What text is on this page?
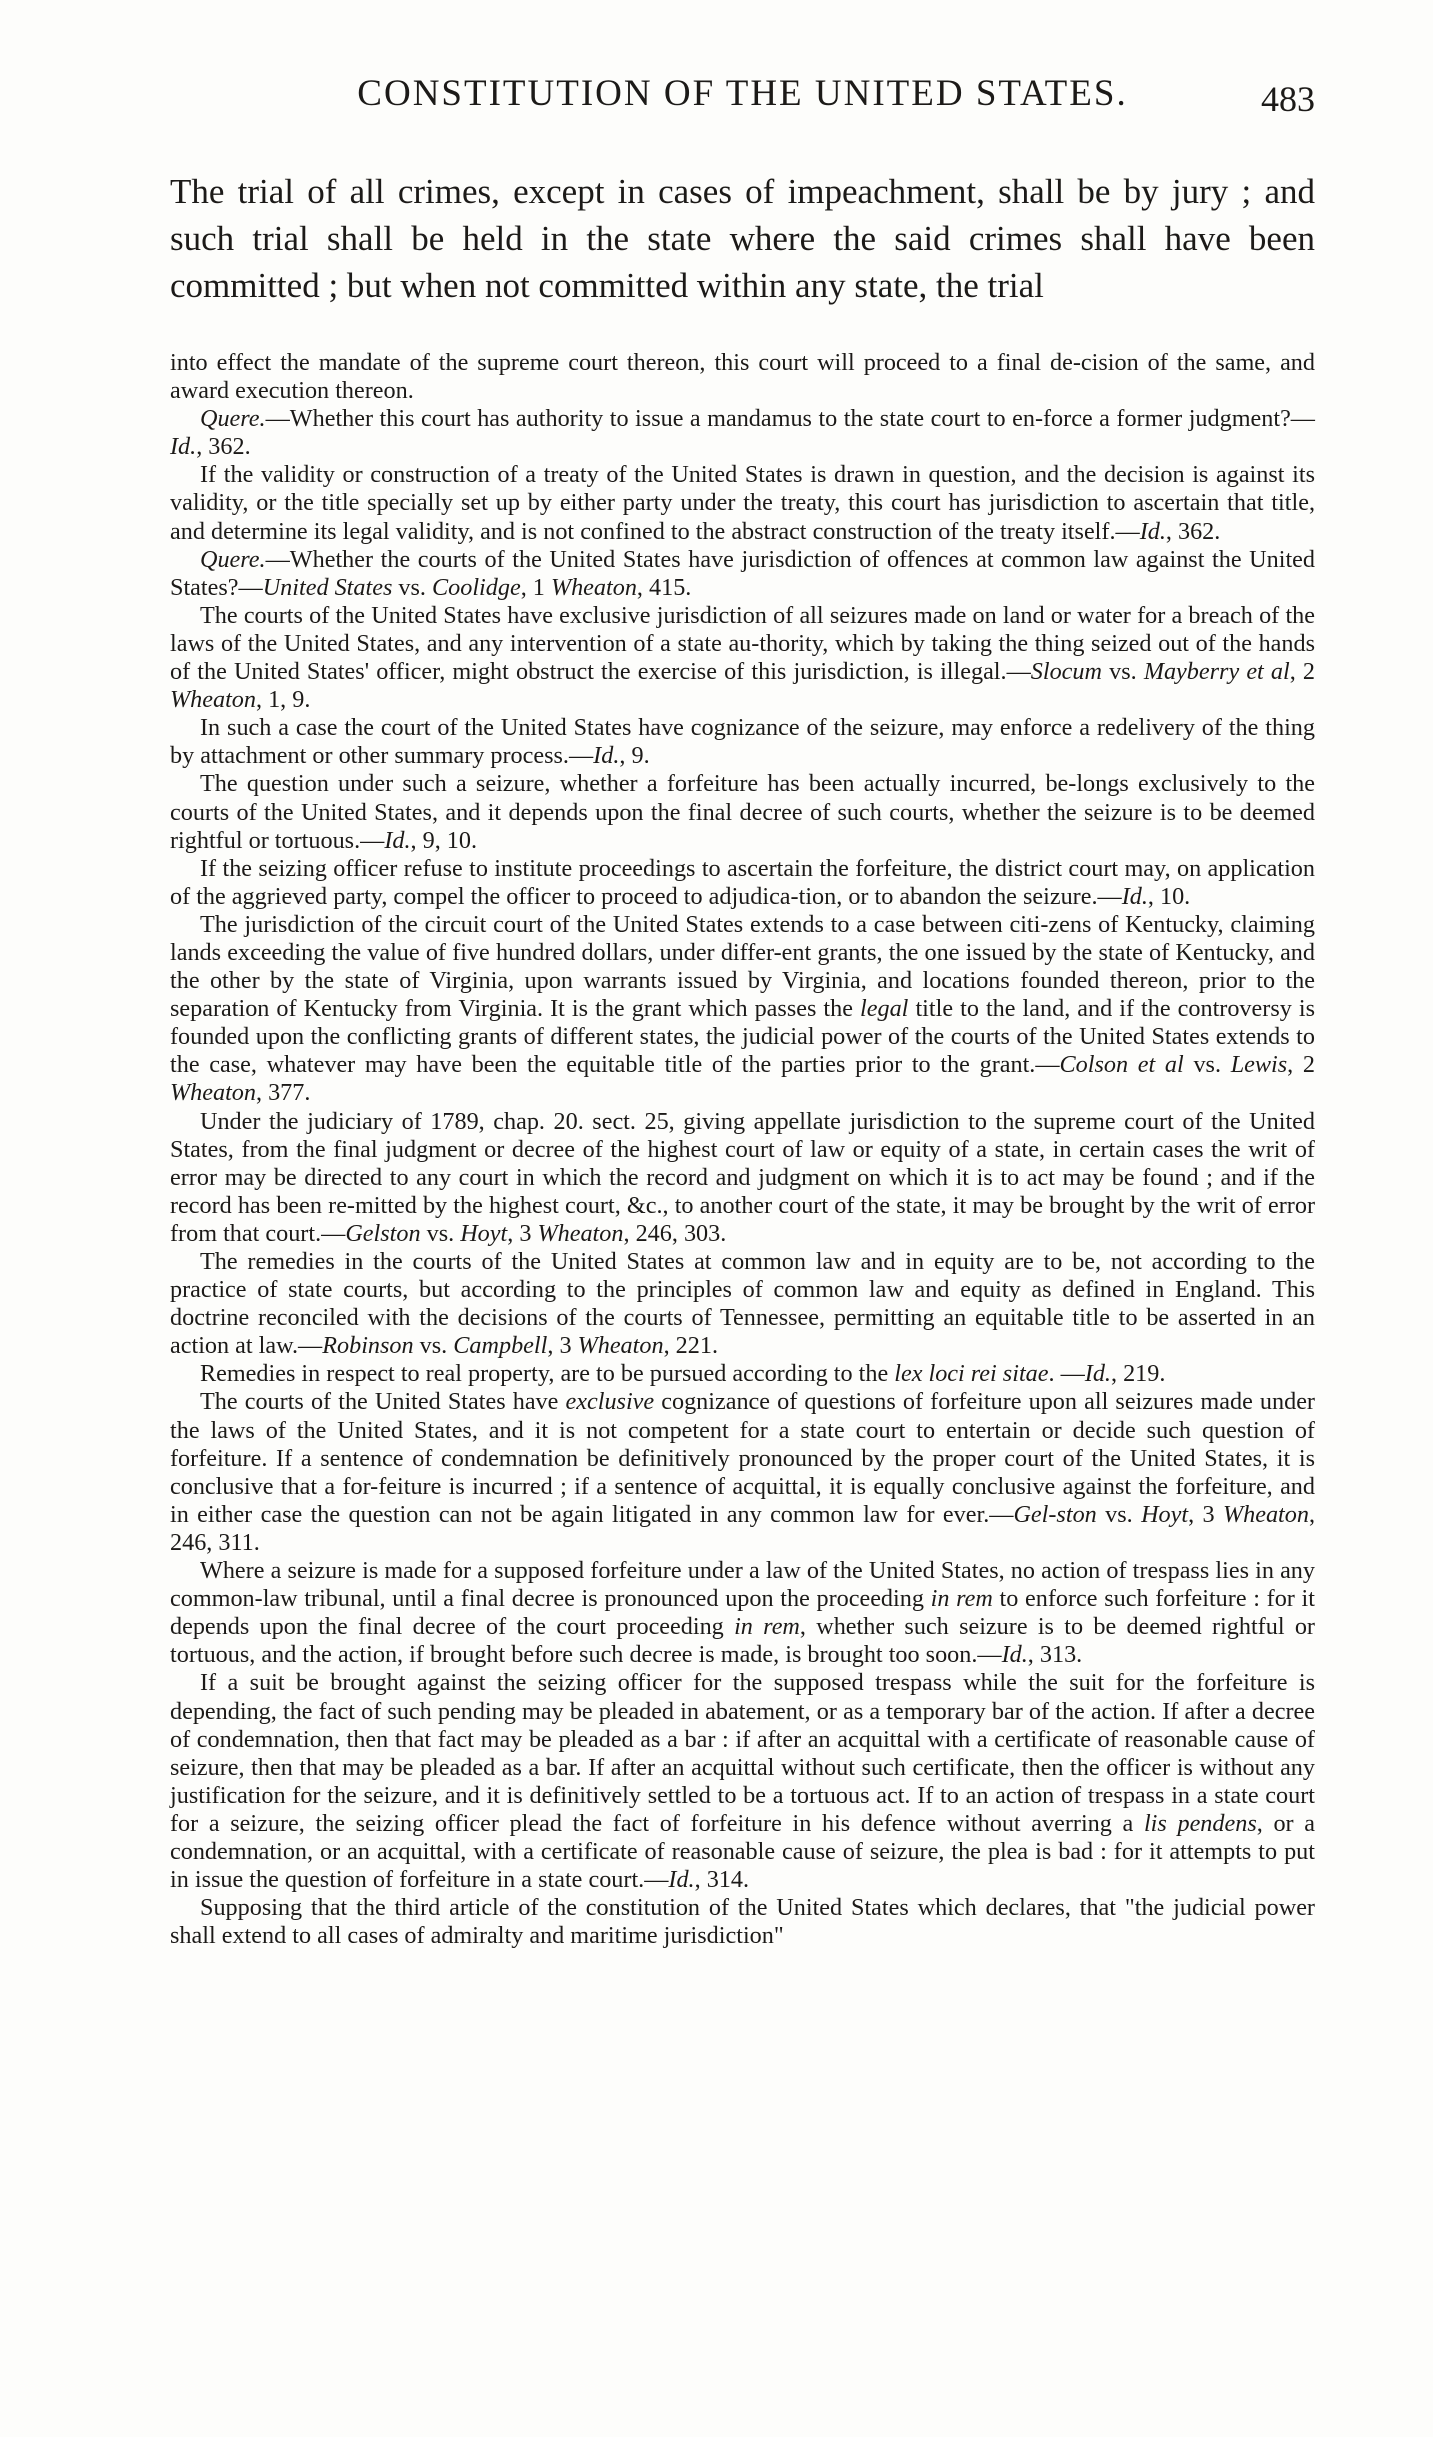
CONSTITUTION OF THE UNITED STATES.	483
The trial of all crimes, except in cases of impeachment, shall be by jury ; and such trial shall be held in the state where the said crimes shall have been committed ; but when not committed within any state, the trial

into effect the mandate of the supreme court thereon, this court will proceed to a final de-cision of the same, and award execution thereon.

Quere.—Whether this court has authority to issue a mandamus to the state court to en-force a former judgment?—Id., 362.

If the validity or construction of a treaty of the United States is drawn in question, and the decision is against its validity, or the title specially set up by either party under the treaty, this court has jurisdiction to ascertain that title, and determine its legal validity, and is not confined to the abstract construction of the treaty itself.—Id., 362.

Quere.—Whether the courts of the United States have jurisdiction of offences at common law against the United States?—United States vs. Coolidge, 1 Wheaton, 415.

The courts of the United States have exclusive jurisdiction of all seizures made on land or water for a breach of the laws of the United States, and any intervention of a state au-thority, which by taking the thing seized out of the hands of the United States' officer, might obstruct the exercise of this jurisdiction, is illegal.—Slocum vs. Mayberry et al, 2 Wheaton, 1, 9.

In such a case the court of the United States have cognizance of the seizure, may enforce a redelivery of the thing by attachment or other summary process.—Id., 9.

The question under such a seizure, whether a forfeiture has been actually incurred, be-longs exclusively to the courts of the United States, and it depends upon the final decree of such courts, whether the seizure is to be deemed rightful or tortuous.—Id., 9, 10.

If the seizing officer refuse to institute proceedings to ascertain the forfeiture, the district court may, on application of the aggrieved party, compel the officer to proceed to adjudica-tion, or to abandon the seizure.—Id., 10.

The jurisdiction of the circuit court of the United States extends to a case between citi-zens of Kentucky, claiming lands exceeding the value of five hundred dollars, under differ-ent grants, the one issued by the state of Kentucky, and the other by the state of Virginia, upon warrants issued by Virginia, and locations founded thereon, prior to the separation of Kentucky from Virginia. It is the grant which passes the legal title to the land, and if the controversy is founded upon the conflicting grants of different states, the judicial power of the courts of the United States extends to the case, whatever may have been the equitable title of the parties prior to the grant.—Colson et al vs. Lewis, 2 Wheaton, 377.

Under the judiciary of 1789, chap. 20. sect. 25, giving appellate jurisdiction to the supreme court of the United States, from the final judgment or decree of the highest court of law or equity of a state, in certain cases the writ of error may be directed to any court in which the record and judgment on which it is to act may be found ; and if the record has been re-mitted by the highest court, &c., to another court of the state, it may be brought by the writ of error from that court.—Gelston vs. Hoyt, 3 Wheaton, 246, 303.

The remedies in the courts of the United States at common law and in equity are to be, not according to the practice of state courts, but according to the principles of common law and equity as defined in England. This doctrine reconciled with the decisions of the courts of Tennessee, permitting an equitable title to be asserted in an action at law.—Robinson vs. Campbell, 3 Wheaton, 221.

Remedies in respect to real property, are to be pursued according to the lex loci rei sitae. —Id., 219.

The courts of the United States have exclusive cognizance of questions of forfeiture upon all seizures made under the laws of the United States, and it is not competent for a state court to entertain or decide such question of forfeiture. If a sentence of condemnation be definitively pronounced by the proper court of the United States, it is conclusive that a for-feiture is incurred ; if a sentence of acquittal, it is equally conclusive against the forfeiture, and in either case the question can not be again litigated in any common law for ever.—Gel-ston vs. Hoyt, 3 Wheaton, 246, 311.

Where a seizure is made for a supposed forfeiture under a law of the United States, no action of trespass lies in any common-law tribunal, until a final decree is pronounced upon the proceeding in rem to enforce such forfeiture : for it depends upon the final decree of the court proceeding in rem, whether such seizure is to be deemed rightful or tortuous, and the action, if brought before such decree is made, is brought too soon.—Id., 313.

If a suit be brought against the seizing officer for the supposed trespass while the suit for the forfeiture is depending, the fact of such pending may be pleaded in abatement, or as a temporary bar of the action. If after a decree of condemnation, then that fact may be pleaded as a bar : if after an acquittal with a certificate of reasonable cause of seizure, then that may be pleaded as a bar. If after an acquittal without such certificate, then the officer is without any justification for the seizure, and it is definitively settled to be a tortuous act. If to an action of trespass in a state court for a seizure, the seizing officer plead the fact of forfeiture in his defence without averring a lis pendens, or a condemnation, or an acquittal, with a certificate of reasonable cause of seizure, the plea is bad : for it attempts to put in issue the question of forfeiture in a state court.—Id., 314.

Supposing that the third article of the constitution of the United States which declares, that "the judicial power shall extend to all cases of admiralty and maritime jurisdiction"
